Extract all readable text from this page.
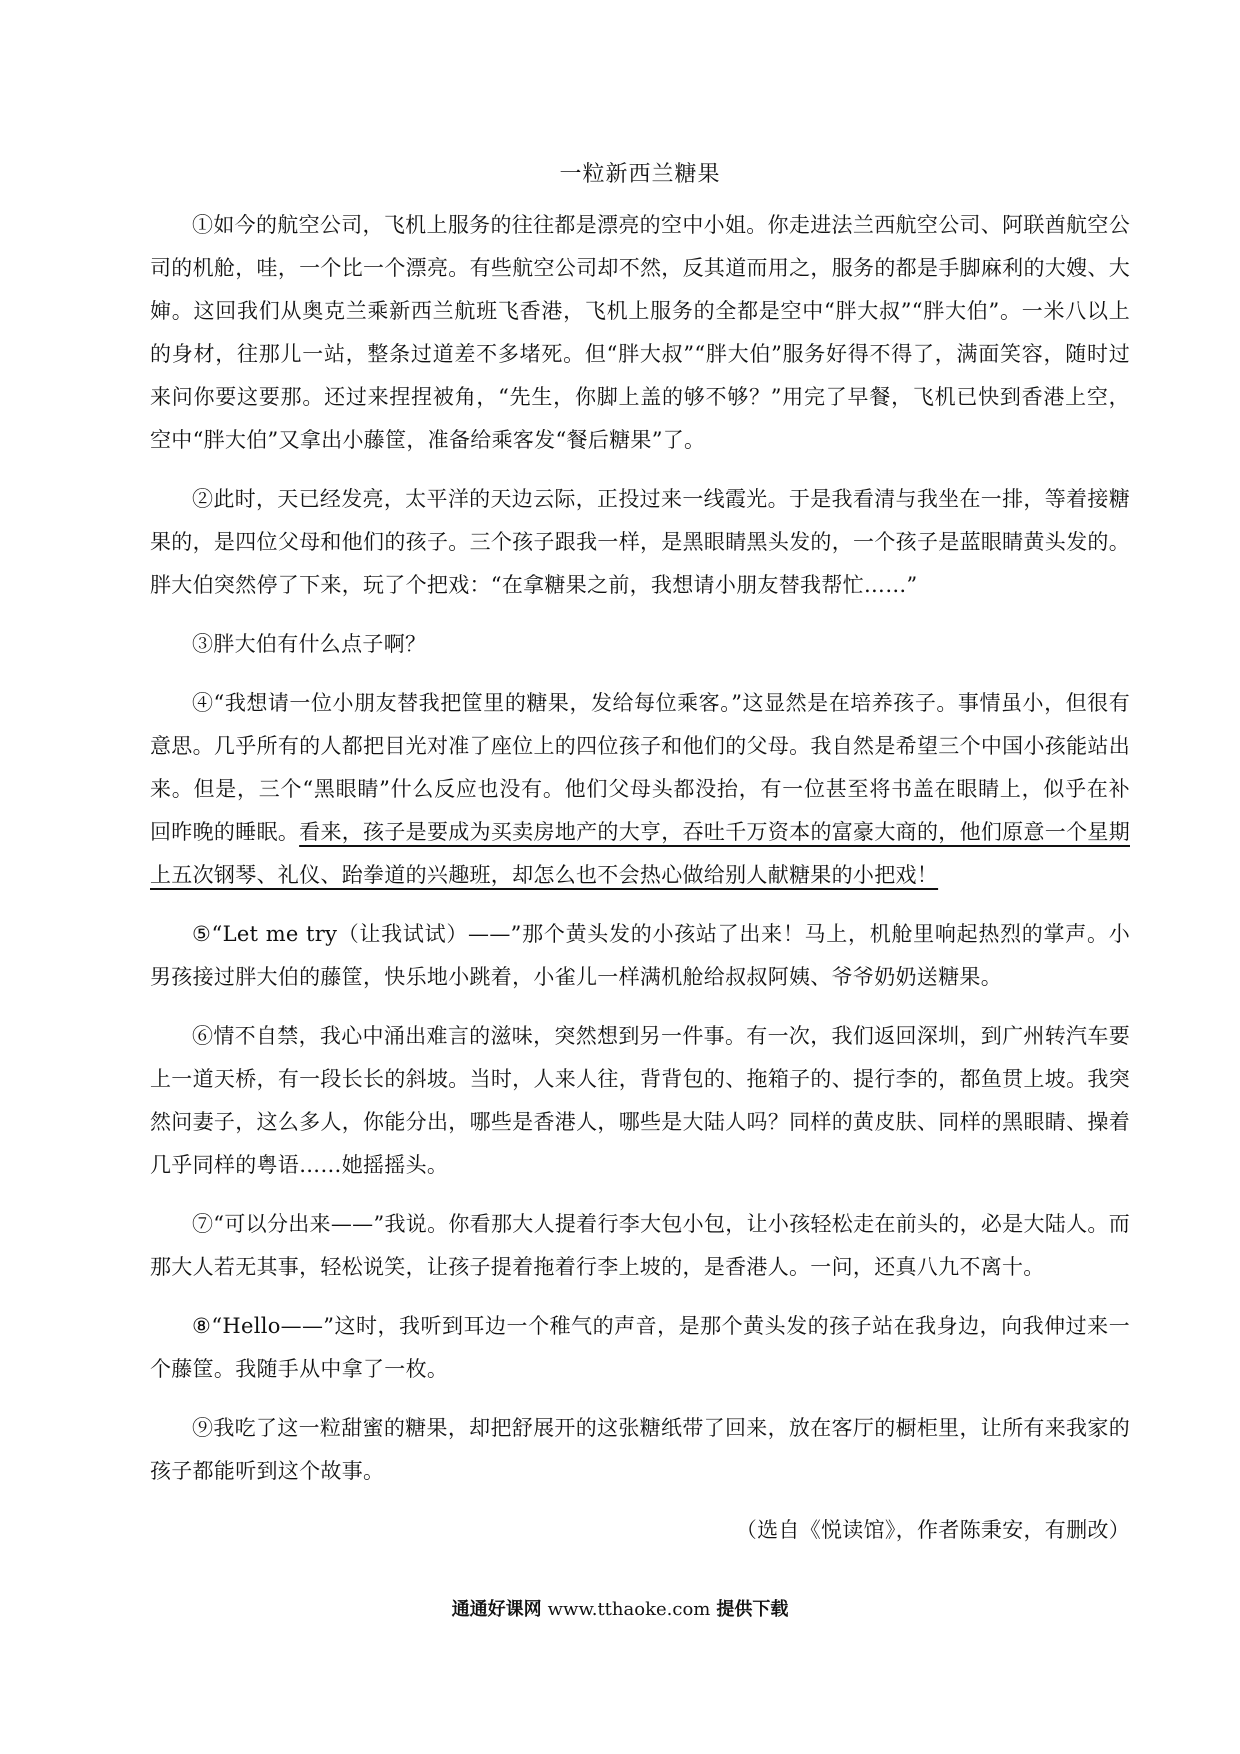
一粒新西兰糖果

①如今的航空公司，飞机上服务的往往都是漂亮的空中小姐。你走进法兰西航空公司、阿联酋航空公司的机舱，哇，一个比一个漂亮。有些航空公司却不然，反其道而用之，服务的都是手脚麻利的大嫂、大婶。这回我们从奥克兰乘新西兰航班飞香港，飞机上服务的全都是空中“胖大叔”“胖大伯”。一米八以上的身材，往那儿一站，整条过道差不多堵死。但“胖大叔”“胖大伯”服务好得不得了，满面笑容，随时过来问你要这要那。还过来捏捏被角，“先生，你脚上盖的够不够？”用完了早餐，飞机已快到香港上空，空中“胖大伯”又拿出小藤筐，准备给乘客发“餐后糖果”了。

②此时，天已经发亮，太平洋的天边云际，正投过来一线霞光。于是我看清与我坐在一排，等着接糖果的，是四位父母和他们的孩子。三个孩子跟我一样，是黑眼睛黑头发的，一个孩子是蓝眼睛黄头发的。胖大伯突然停了下来，玩了个把戏：“在拿糖果之前，我想请小朋友替我帮忙……”

③胖大伯有什么点子啊？

④“我想请一位小朋友替我把筐里的糖果，发给每位乘客。”这显然是在培养孩子。事情虽小，但很有意思。几乎所有的人都把目光对准了座位上的四位孩子和他们的父母。我自然是希望三个中国小孩能站出来。但是，三个“黑眼睛”什么反应也没有。他们父母头都没抬，有一位甚至将书盖在眼睛上，似乎在补回昨晚的睡眠。看来，孩子是要成为买卖房地产的大亨，吞吐千万资本的富豪大商的，他们原意一个星期上五次钢琴、礼仪、跆拳道的兴趣班，却怎么也不会热心做给别人献糖果的小把戏！

⑤“Let me try（让我试试）——”那个黄头发的小孩站了出来！马上，机舱里响起热烈的掌声。小男孩接过胖大伯的藤筐，快乐地小跳着，小雀儿一样满机舱给叔叔阿姨、爷爷奶奶送糖果。

⑥情不自禁，我心中涌出难言的滋味，突然想到另一件事。有一次，我们返回深圳，到广州转汽车要上一道天桥，有一段长长的斜坡。当时，人来人往，背背包的、拖箱子的、提行李的，都鱼贯上坡。我突然问妻子，这么多人，你能分出，哪些是香港人，哪些是大陆人吗？同样的黄皮肤、同样的黑眼睛、操着几乎同样的粤语……她摇摇头。

⑦“可以分出来——”我说。你看那大人提着行李大包小包，让小孩轻松走在前头的，必是大陆人。而那大人若无其事，轻松说笑，让孩子提着拖着行李上坡的，是香港人。一问，还真八九不离十。

⑧“Hello——”这时，我听到耳边一个稚气的声音，是那个黄头发的孩子站在我身边，向我伸过来一个藤筐。我随手从中拿了一枚。

⑨我吃了这一粒甜蜜的糖果，却把舒展开的这张糖纸带了回来，放在客厅的橱柜里，让所有来我家的孩子都能听到这个故事。

（选自《悦读馆》，作者陈秉安，有删改）
通通好课网 www.tthaoke.com 提供下载
